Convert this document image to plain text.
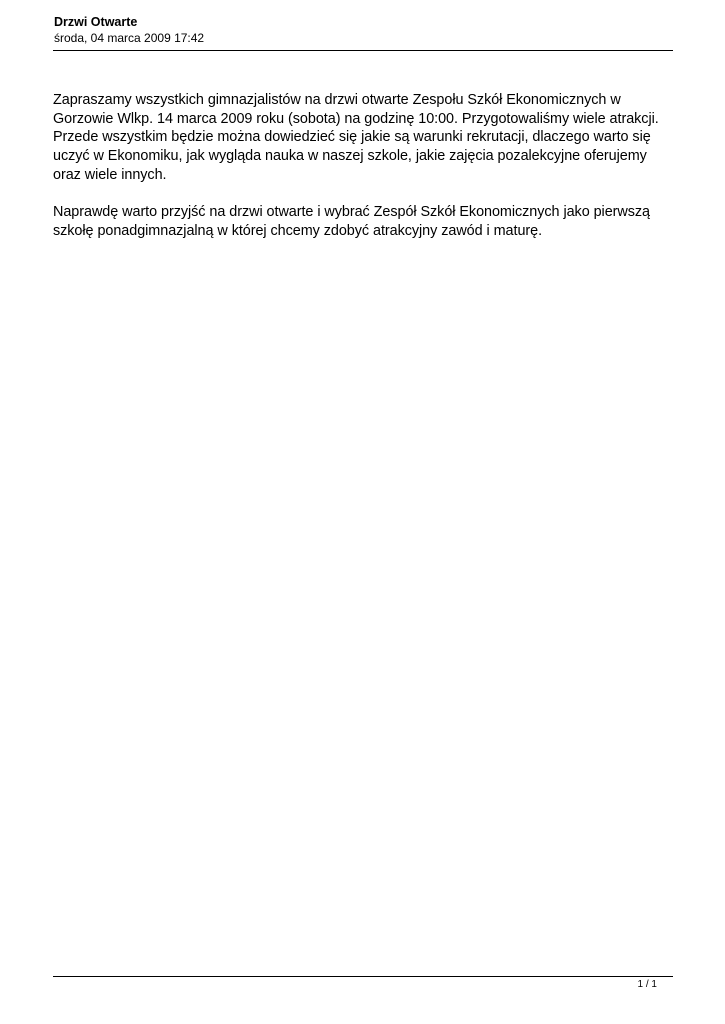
Drzwi Otwarte

środa, 04 marca 2009 17:42

Zapraszamy wszystkich gimnazjalistów na drzwi otwarte Zespołu Szkół Ekonomicznych w Gorzowie Wlkp. 14 marca 2009 roku (sobota) na godzinę 10:00. Przygotowaliśmy wiele atrakcji. Przede wszystkim będzie można dowiedzieć się jakie są warunki rekrutacji, dlaczego warto się uczyć w Ekonomiku, jak wygląda nauka w naszej szkole, jakie zajęcia pozalekcyjne oferujemy oraz wiele innych.

Naprawdę warto przyjść na drzwi otwarte i wybrać Zespół Szkół Ekonomicznych jako pierwszą szkołę ponadgimnazjalną w której chcemy zdobyć atrakcyjny zawód i maturę.

1 / 1
